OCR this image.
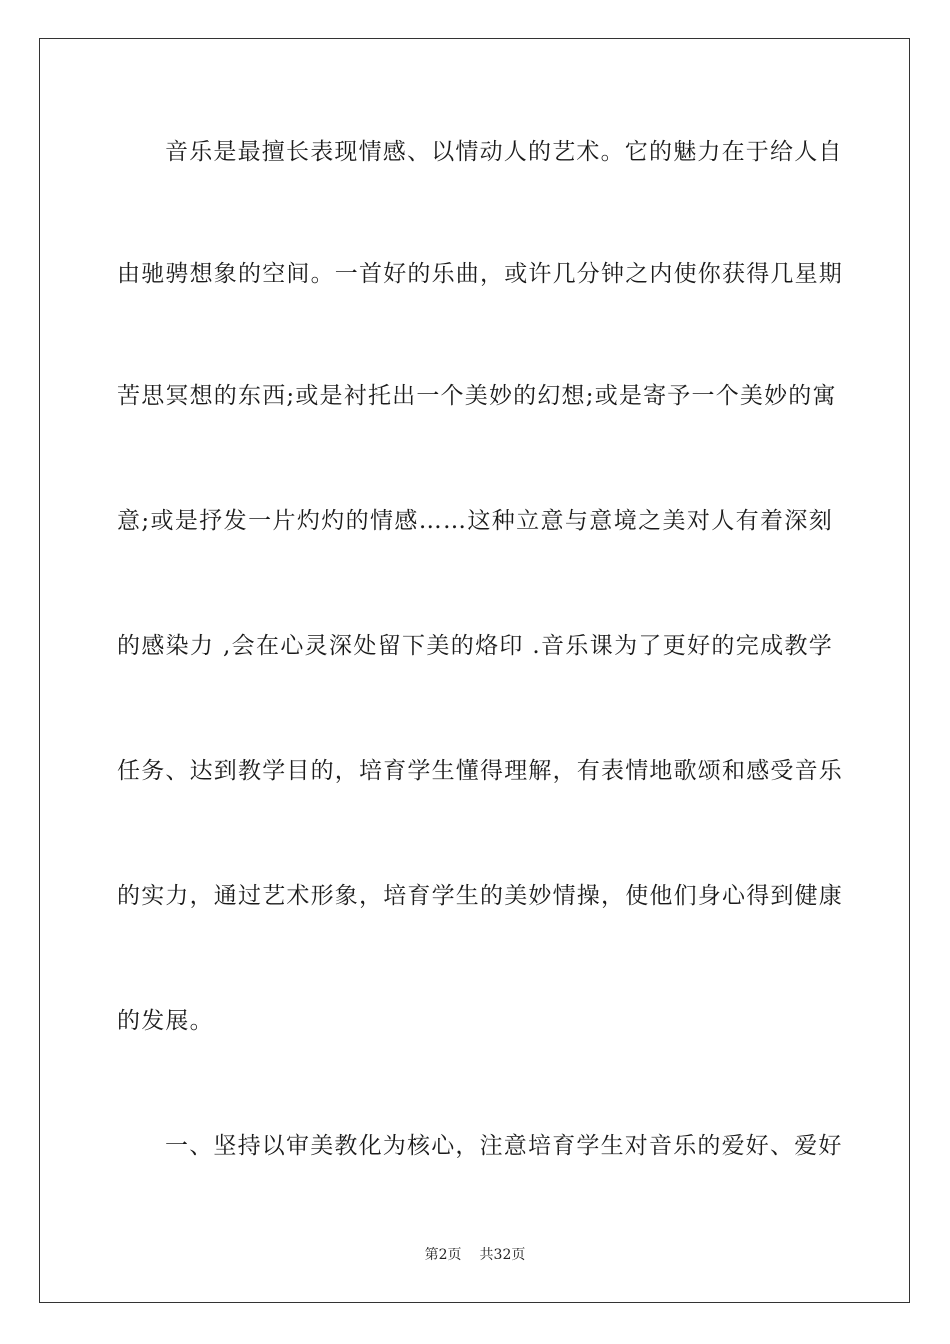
音乐是最擅长表现情感、以情动人的艺术。它的魅力在于给人自
由驰骋想象的空间。一首好的乐曲，或许几分钟之内使你获得几星期
苦思冥想的东西;或是衬托出一个美妙的幻想;或是寄予一个美妙的寓
意;或是抒发一片灼灼的情感……这种立意与意境之美对人有着深刻
的感染力 ,会在心灵深处留下美的烙印 .音乐课为了更好的完成教学
任务、达到教学目的，培育学生懂得理解，有表情地歌颂和感受音乐
的实力，通过艺术形象，培育学生的美妙情操，使他们身心得到健康
的发展。
一、坚持以审美教化为核心，注意培育学生对音乐的爱好、爱好
第2页 共32页
